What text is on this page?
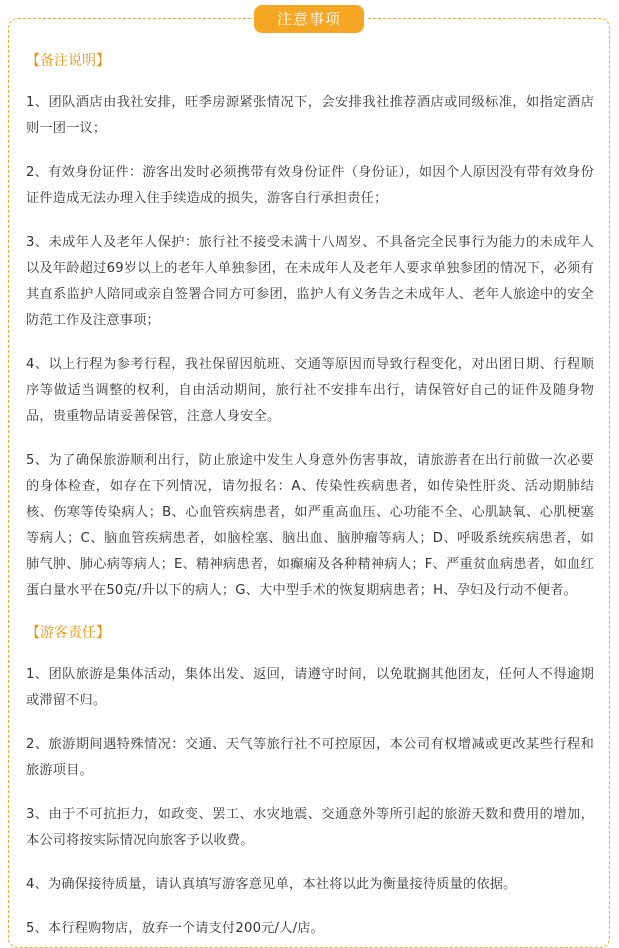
注意事项

【备注说明】

1、团队酒店由我社安排，旺季房源紧张情况下，会安排我社推荐酒店或同级标准，如指定酒店则一团一议；

2、有效身份证件：游客出发时必须携带有效身份证件（身份证），如因个人原因没有带有效身份证件造成无法办理入住手续造成的损失，游客自行承担责任；

3、未成年人及老年人保护：旅行社不接受未满十八周岁、不具备完全民事行为能力的未成年人以及年龄超过69岁以上的老年人单独参团，在未成年人及老年人要求单独参团的情况下，必须有其直系监护人陪同或亲自签署合同方可参团，监护人有义务告之未成年人、老年人旅途中的安全防范工作及注意事项；

4、以上行程为参考行程，我社保留因航班、交通等原因而导致行程变化，对出团日期、行程顺序等做适当调整的权利，自由活动期间，旅行社不安排车出行，请保管好自己的证件及随身物品，贵重物品请妥善保管，注意人身安全。

5、为了确保旅游顺利出行，防止旅途中发生人身意外伤害事故，请旅游者在出行前做一次必要的身体检查，如存在下列情况，请勿报名：A、传染性疾病患者，如传染性肝炎、活动期肺结核、伤寒等传染病人；B、心血管疾病患者，如严重高血压、心功能不全、心肌缺氧、心肌梗塞等病人；C、脑血管疾病患者，如脑栓塞、脑出血、脑肿瘤等病人；D、呼吸系统疾病患者，如肺气肿、肺心病等病人；E、精神病患者，如癫痫及各种精神病人；F、严重贫血病患者，如血红蛋白量水平在50克/升以下的病人；G、大中型手术的恢复期病患者；H、孕妇及行动不便者。

【游客责任】

1、团队旅游是集体活动，集体出发、返回，请遵守时间，以免耽搁其他团友，任何人不得逾期或滞留不归。

2、旅游期间遇特殊情况：交通、天气等旅行社不可控原因，本公司有权增减或更改某些行程和旅游项目。

3、由于不可抗拒力，如政变、罢工、水灾地震、交通意外等所引起的旅游天数和费用的增加，本公司将按实际情况向旅客予以收费。

4、为确保接待质量，请认真填写游客意见单，本社将以此为衡量接待质量的依据。

5、本行程购物店，放弃一个请支付200元/人/店。
